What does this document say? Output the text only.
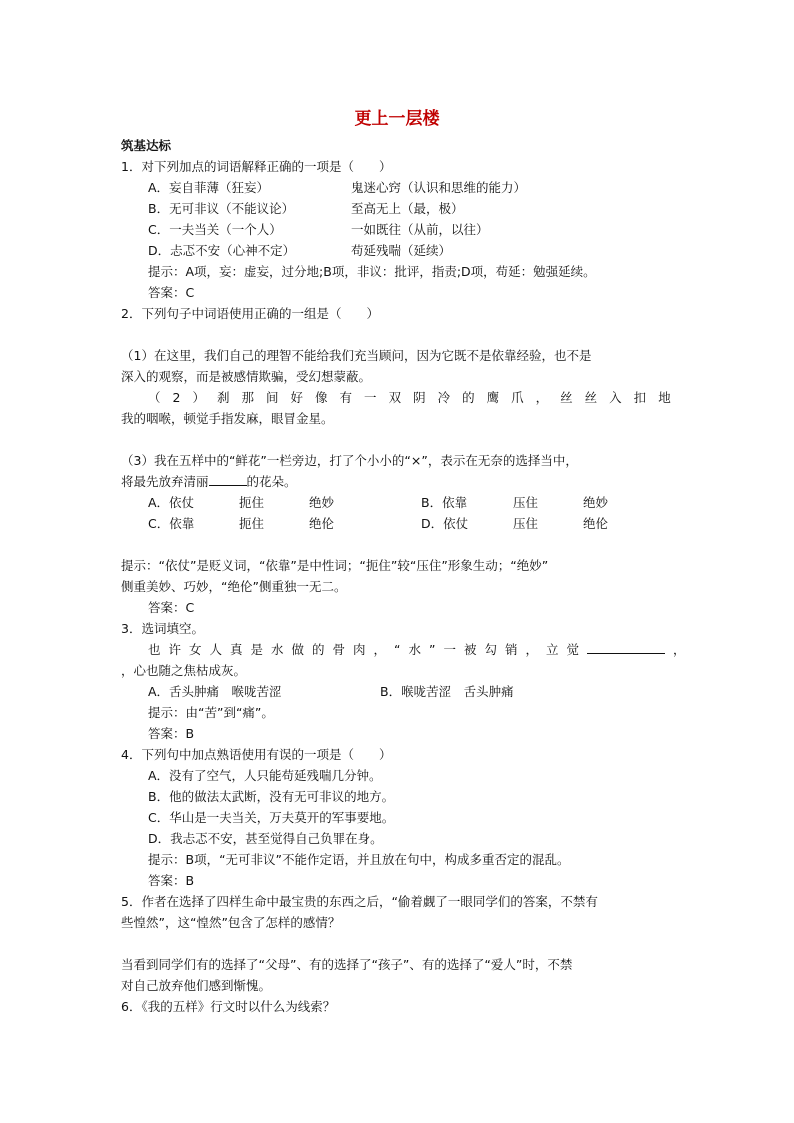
更上一层楼
筑基达标
1．对下列加点的词语解释正确的一项是（　　）
A．妄自菲薄（狂妄）	鬼迷心窍（认识和思维的能力）
B．无可非议（不能议论）	至高无上（最，极）
C．一夫当关（一个人）	一如既往（从前，以往）
D．忐忑不安（心神不定）	苟延残喘（延续）
提示：A项，妄：虚妄，过分地;B项，非议：批评，指责;D项，苟延：勉强延续。
答案：C
2．下列句子中词语使用正确的一组是（　　）
（1）在这里，我们自己的理智不能给我们充当顾问，因为它既不是依靠经验，也不是
深入的观察，而是被感情欺骗，受幻想蒙蔽。
（2）刹那间好像有一双阴冷的鹰爪，丝丝入扣地
我的咽喉，顿觉手指发麻，眼冒金星。
（3）我在五样中的“鲜花”一栏旁边，打了个小小的“×”，表示在无奈的选择当中，
将最先放弃清丽	的花朵。
A．依仗	扼住	绝妙	B．依靠	压住	绝妙
C．依靠	扼住	绝伦	D．依仗	压住	绝伦
提示：“依仗”是贬义词，“依靠”是中性词；“扼住”较“压住”形象生动；“绝妙”
侧重美妙、巧妙，“绝伦”侧重独一无二。
答案：C
3．选词填空。
也许女人真是水做的骨肉，“水”一被勾销，立觉	，
，心也随之焦枯成灰。
A．舌头肿痛　喉咙苦涩	B．喉咙苦涩　舌头肿痛
提示：由“苦”到“痛”。
答案：B
4．下列句中加点熟语使用有误的一项是（　　）
A．没有了空气，人只能苟延残喘几分钟。
B．他的做法太武断，没有无可非议的地方。
C．华山是一夫当关，万夫莫开的军事要地。
D．我忐忑不安，甚至觉得自己负罪在身。
提示：B项，“无可非议”不能作定语，并且放在句中，构成多重否定的混乱。
答案：B
5．作者在选择了四样生命中最宝贵的东西之后，“偷着觑了一眼同学们的答案，不禁有
些惶然”，这“惶然”包含了怎样的感情？
当看到同学们有的选择了“父母”、有的选择了“孩子”、有的选择了“爱人”时，不禁
对自己放弃他们感到惭愧。
6．《我的五样》行文时以什么为线索？
